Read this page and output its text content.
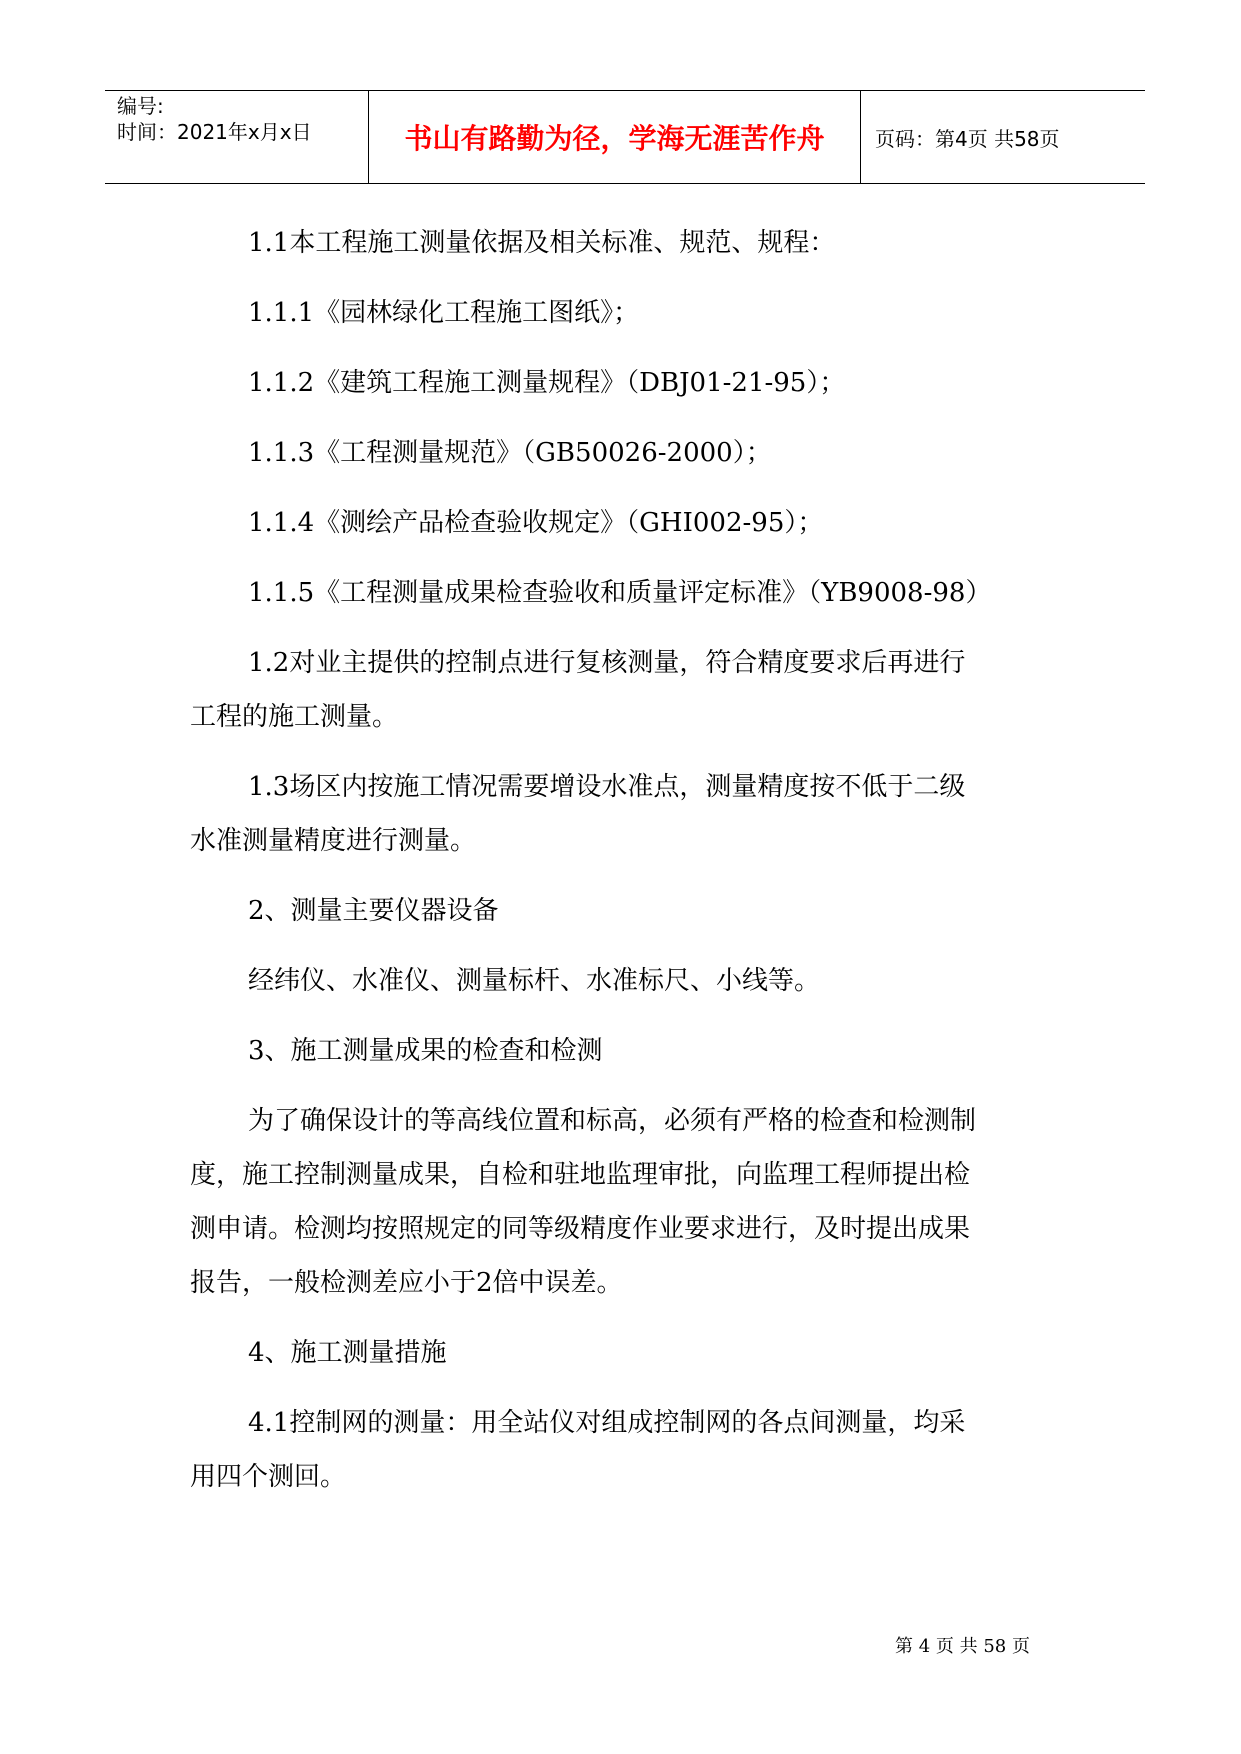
编号:
时间：2021年x月x日	书山有路勤为径，学海无涯苦作舟	页码：第4页 共58页
1.1本工程施工测量依据及相关标准、规范、规程：
1.1.1《园林绿化工程施工图纸》；
1.1.2《建筑工程施工测量规程》（DBJ01-21-95）；
1.1.3《工程测量规范》（GB50026-2000）；
1.1.4《测绘产品检查验收规定》（GHI002-95）；
1.1.5《工程测量成果检查验收和质量评定标准》（YB9008-98）
1.2对业主提供的控制点进行复核测量，符合精度要求后再进行
工程的施工测量。
1.3场区内按施工情况需要增设水准点，测量精度按不低于二级
水准测量精度进行测量。
2、测量主要仪器设备
经纬仪、水准仪、测量标杆、水准标尺、小线等。
3、施工测量成果的检查和检测
为了确保设计的等高线位置和标高，必须有严格的检查和检测制
度，施工控制测量成果，自检和驻地监理审批，向监理工程师提出检
测申请。检测均按照规定的同等级精度作业要求进行，及时提出成果
报告，一般检测差应小于2倍中误差。
4、施工测量措施
4.1控制网的测量：用全站仪对组成控制网的各点间测量，均采
用四个测回。
第 4 页 共 58 页
